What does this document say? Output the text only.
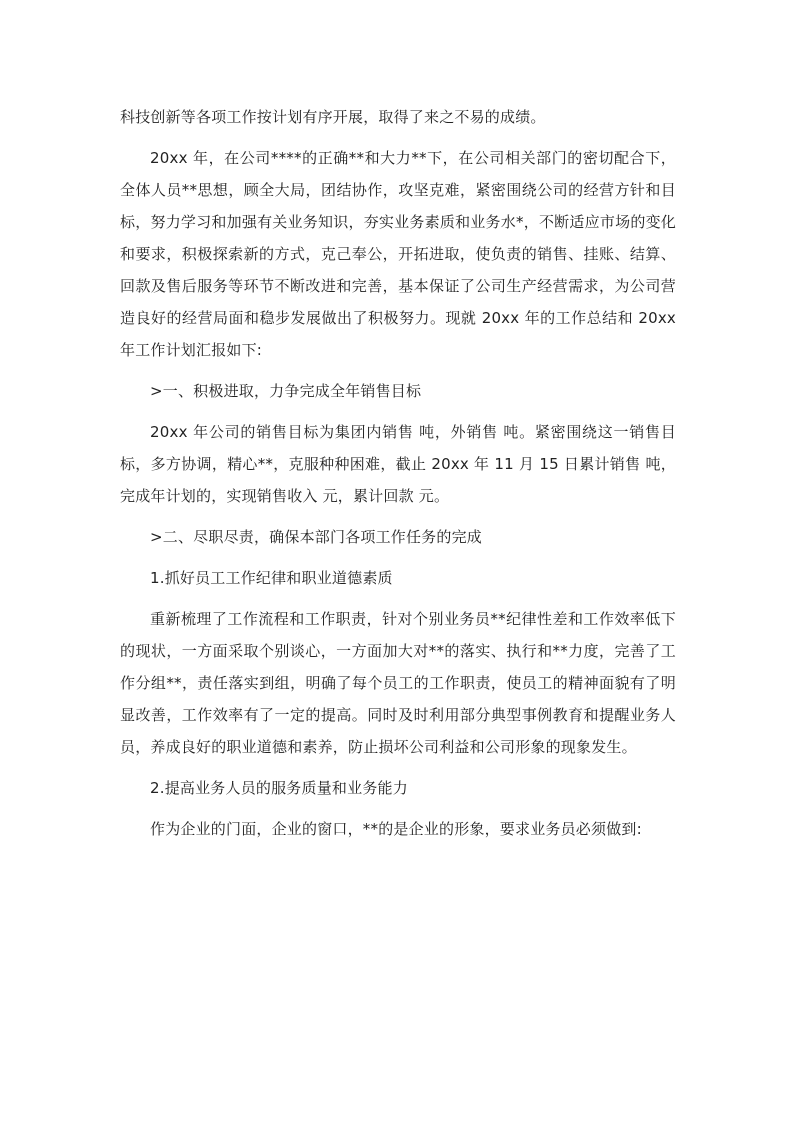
科技创新等各项工作按计划有序开展，取得了来之不易的成绩。

20xx 年，在公司****的正确**和大力**下，在公司相关部门的密切配合下，全体人员**思想，顾全大局，团结协作，攻坚克难，紧密围绕公司的经营方针和目标，努力学习和加强有关业务知识，夯实业务素质和业务水*，不断适应市场的变化和要求，积极探索新的方式，克己奉公，开拓进取，使负责的销售、挂账、结算、回款及售后服务等环节不断改进和完善，基本保证了公司生产经营需求，为公司营造良好的经营局面和稳步发展做出了积极努力。现就 20xx 年的工作总结和 20xx 年工作计划汇报如下:

>一、积极进取，力争完成全年销售目标

20xx 年公司的销售目标为集团内销售 吨，外销售 吨。紧密围绕这一销售目标，多方协调，精心**，克服种种困难，截止 20xx 年 11 月 15 日累计销售 吨，完成年计划的，实现销售收入 元，累计回款 元。

>二、尽职尽责，确保本部门各项工作任务的完成

1.抓好员工工作纪律和职业道德素质

重新梳理了工作流程和工作职责，针对个别业务员**纪律性差和工作效率低下的现状，一方面采取个别谈心，一方面加大对**的落实、执行和**力度，完善了工作分组**，责任落实到组，明确了每个员工的工作职责，使员工的精神面貌有了明显改善，工作效率有了一定的提高。同时及时利用部分典型事例教育和提醒业务人员，养成良好的职业道德和素养，防止损坏公司利益和公司形象的现象发生。

2.提高业务人员的服务质量和业务能力

作为企业的门面，企业的窗口，**的是企业的形象，要求业务员必须做到:
